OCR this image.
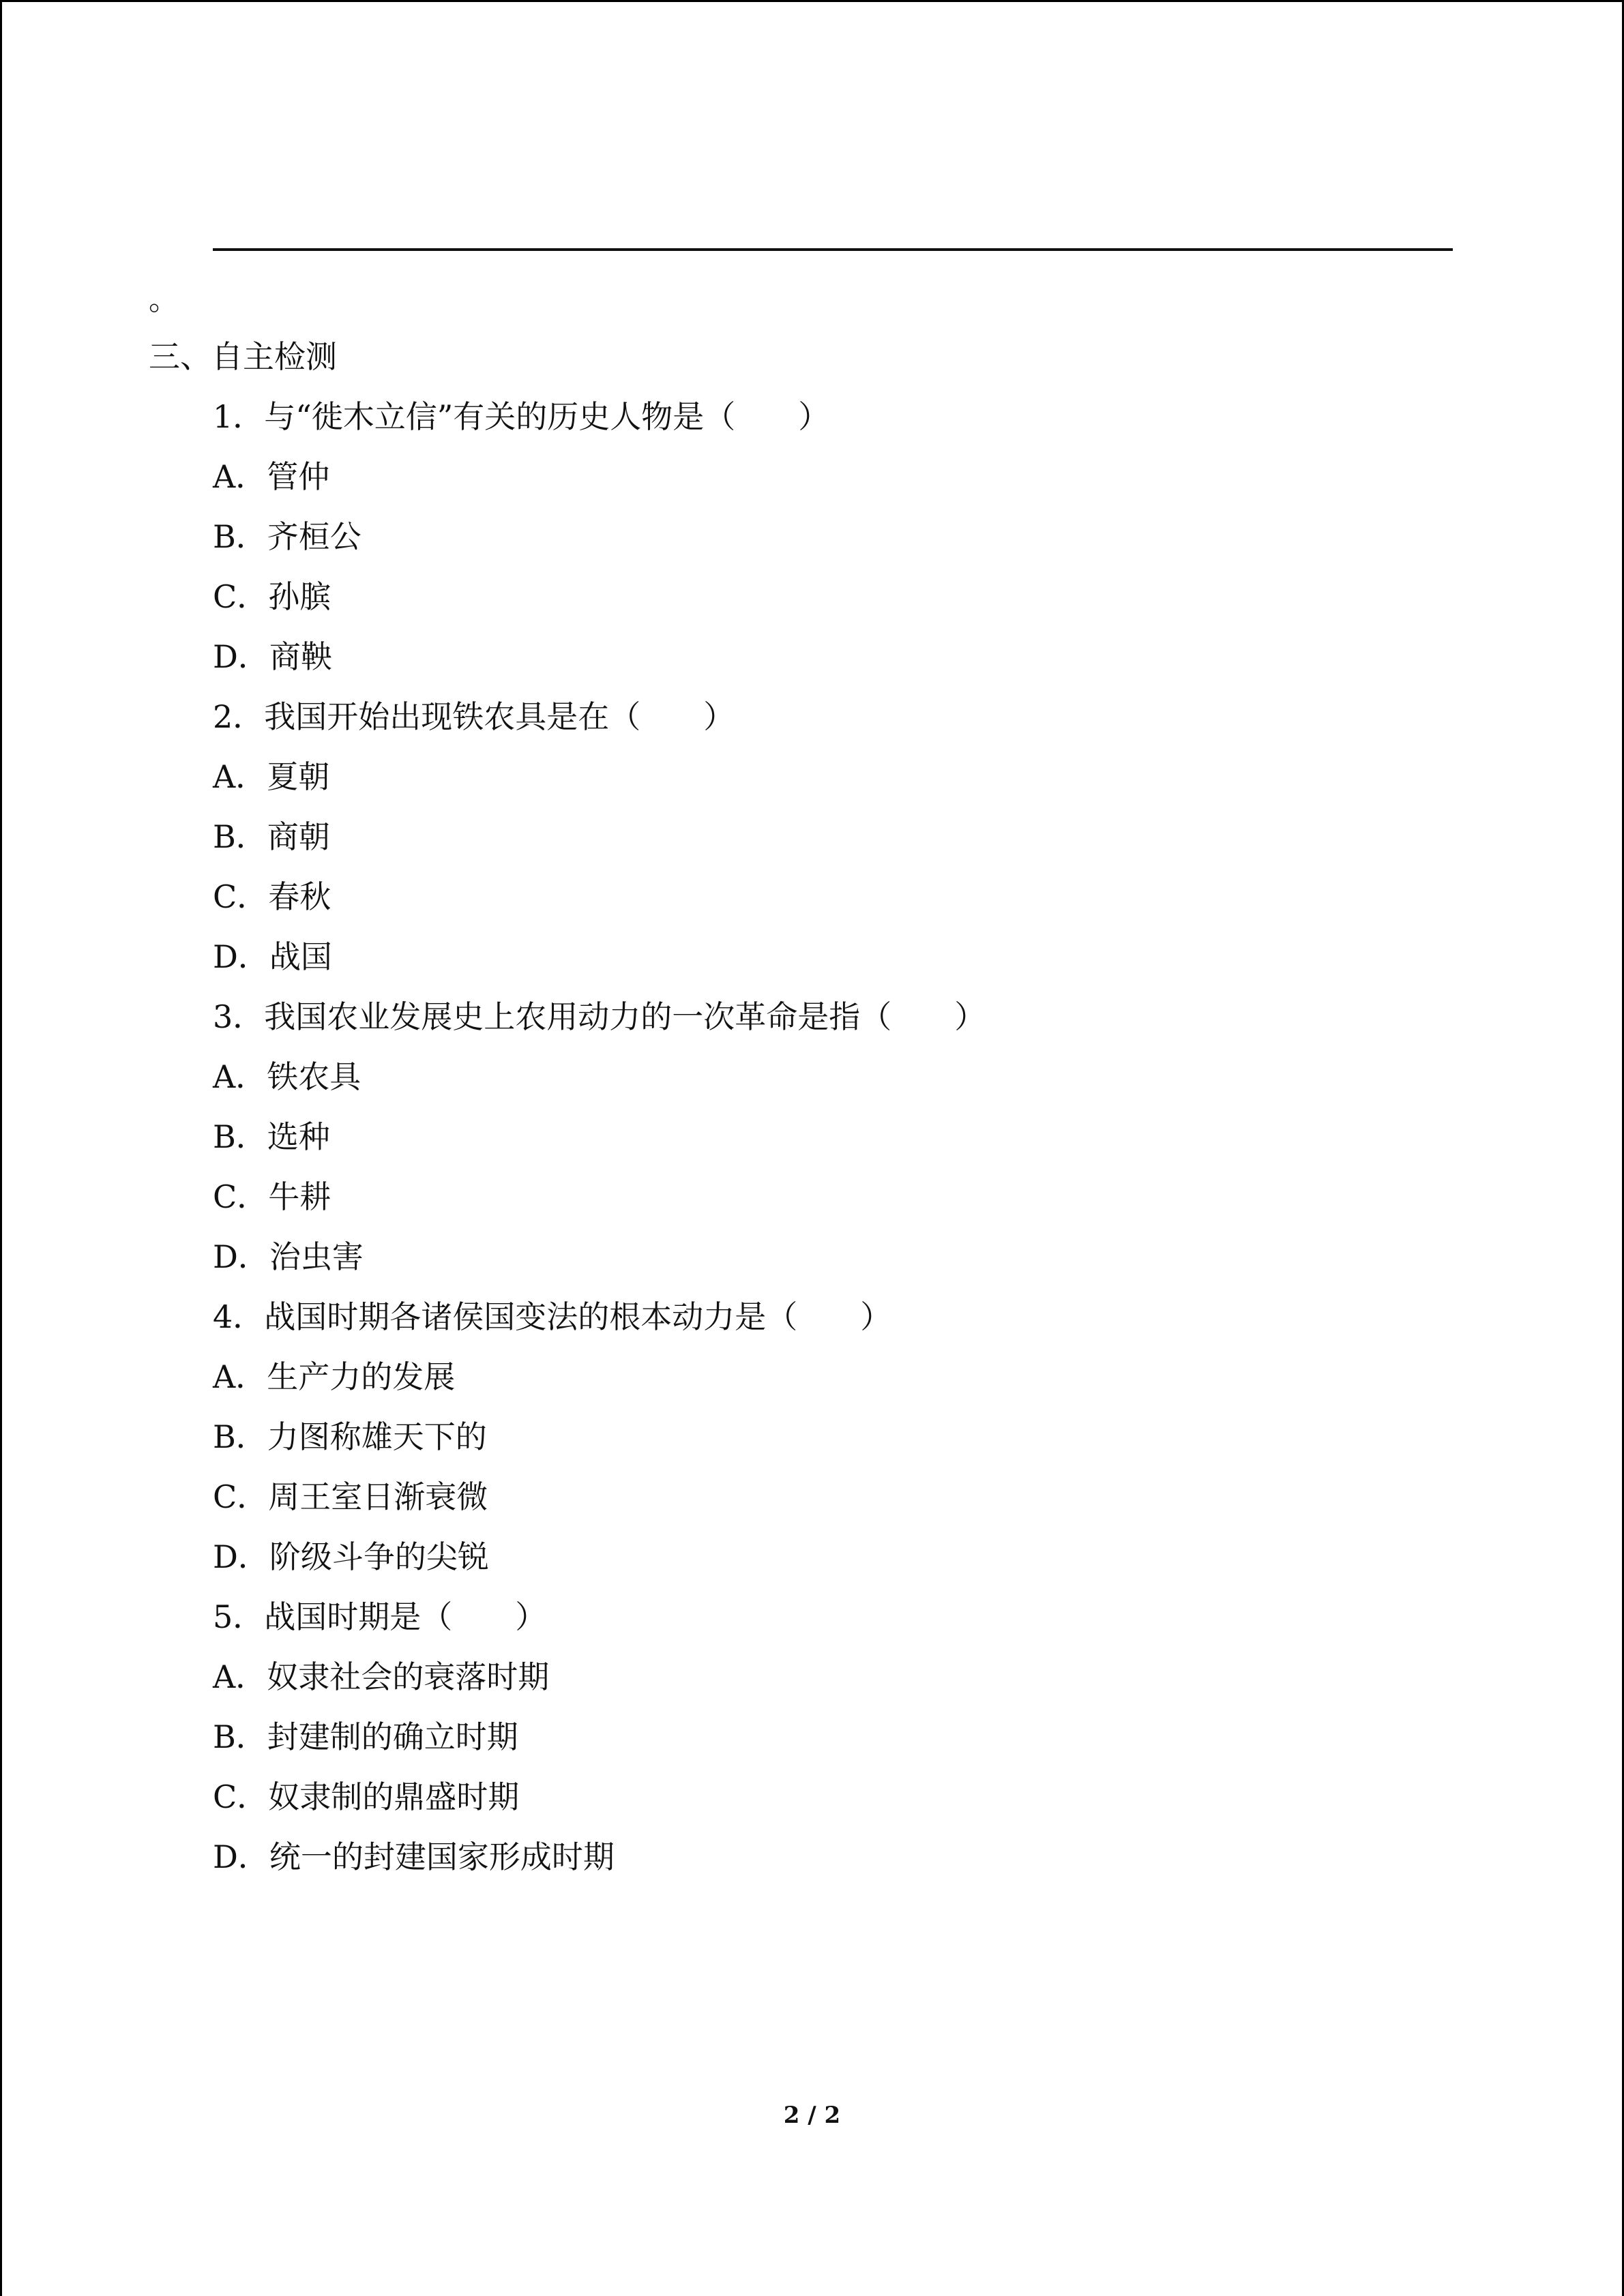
。
三、自主检测
1．与“徙木立信”有关的历史人物是（　　）
A．管仲
B．齐桓公
C．孙膑
D．商鞅
2．我国开始出现铁农具是在（　　）
A．夏朝
B．商朝
C．春秋
D．战国
3．我国农业发展史上农用动力的一次革命是指（　　）
A．铁农具
B．选种
C．牛耕
D．治虫害
4．战国时期各诸侯国变法的根本动力是（　　）
A．生产力的发展
B．力图称雄天下的
C．周王室日渐衰微
D．阶级斗争的尖锐
5．战国时期是（　　）
A．奴隶社会的衰落时期
B．封建制的确立时期
C．奴隶制的鼎盛时期
D．统一的封建国家形成时期
2 / 2
